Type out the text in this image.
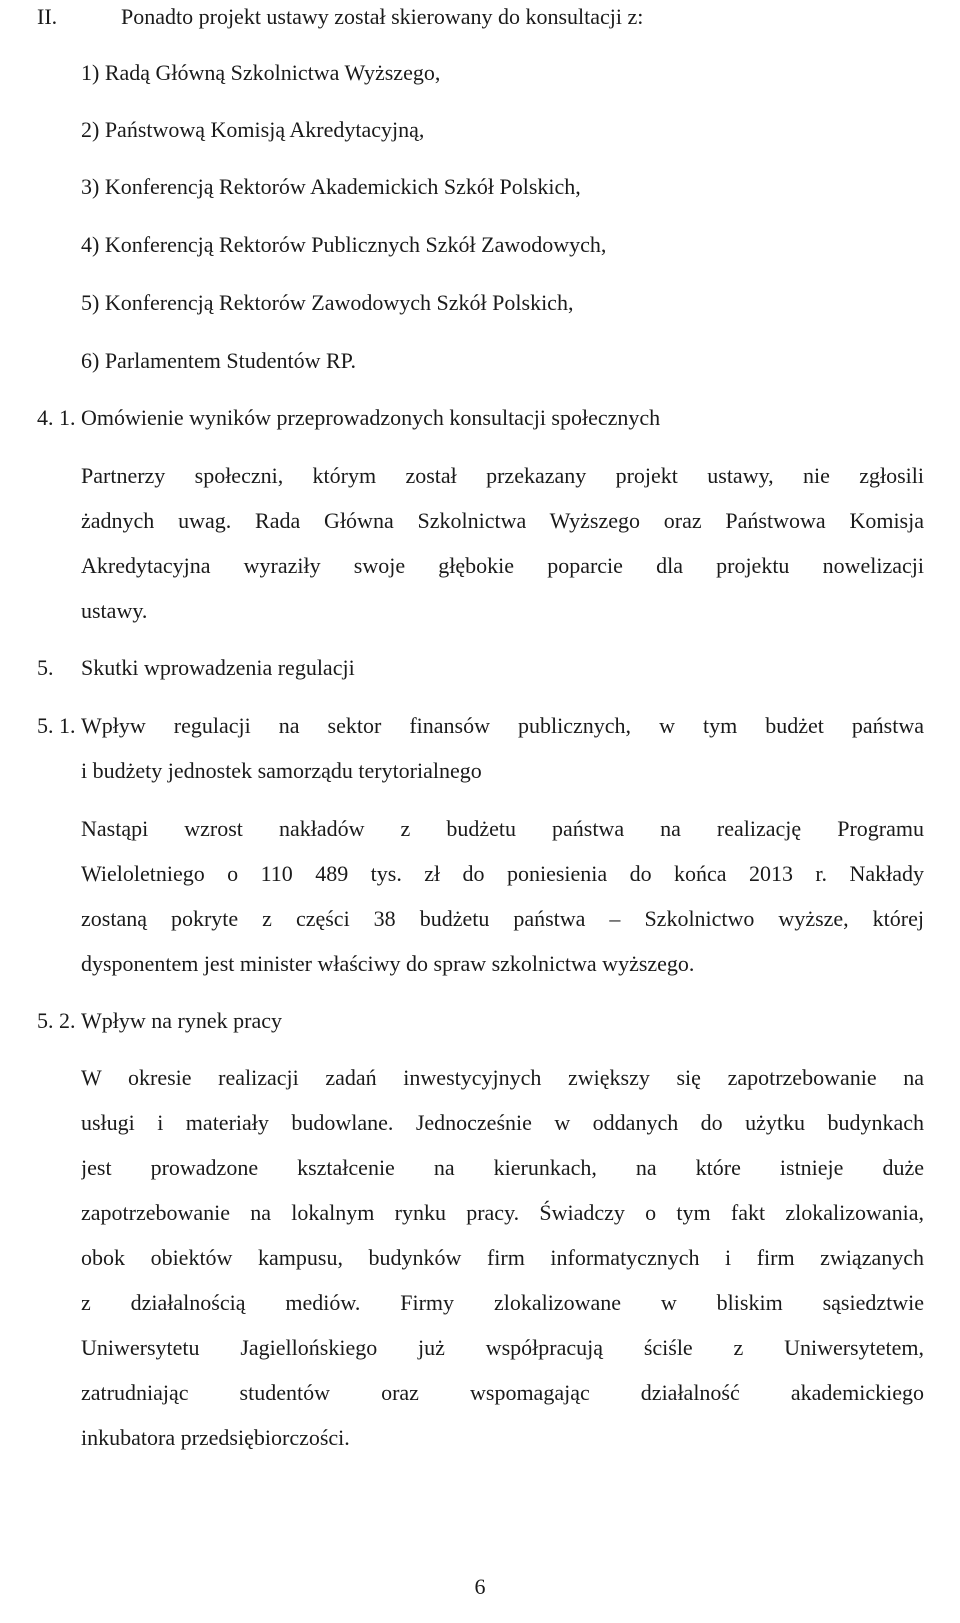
II.	Ponadto projekt ustawy został skierowany do konsultacji z:
1) Radą Główną Szkolnictwa Wyższego,
2) Państwową Komisją Akredytacyjną,
3) Konferencją Rektorów Akademickich Szkół Polskich,
4) Konferencją Rektorów Publicznych Szkół Zawodowych,
5) Konferencją Rektorów Zawodowych Szkół Polskich,
6) Parlamentem Studentów RP.
4. 1. Omówienie wyników przeprowadzonych konsultacji społecznych
Partnerzy społeczni, którym został przekazany projekt ustawy, nie zgłosili
żadnych uwag. Rada Główna Szkolnictwa Wyższego oraz Państwowa Komisja
Akredytacyjna wyraziły swoje głębokie poparcie dla projektu nowelizacji
ustawy.
5. Skutki wprowadzenia regulacji
5. 1. Wpływ regulacji na sektor finansów publicznych, w tym budżet państwa
i budżety jednostek samorządu terytorialnego
Nastąpi wzrost nakładów z budżetu państwa na realizację Programu
Wieloletniego o 110 489 tys. zł do poniesienia do końca 2013 r. Nakłady
zostaną pokryte z części 38 budżetu państwa – Szkolnictwo wyższe, której
dysponentem jest minister właściwy do spraw szkolnictwa wyższego.
5. 2. Wpływ na rynek pracy
W okresie realizacji zadań inwestycyjnych zwiększy się zapotrzebowanie na
usługi i materiały budowlane. Jednocześnie w oddanych do użytku budynkach
jest prowadzone kształcenie na kierunkach, na które istnieje duże
zapotrzebowanie na lokalnym rynku pracy. Świadczy o tym fakt zlokalizowania,
obok obiektów kampusu, budynków firm informatycznych i firm związanych
z działalnością mediów. Firmy zlokalizowane w bliskim sąsiedztwie
Uniwersytetu Jagiellońskiego już współpracują ściśle z Uniwersytetem,
zatrudniając studentów oraz wspomagając działalność akademickiego
inkubatora przedsiębiorczości.
6
